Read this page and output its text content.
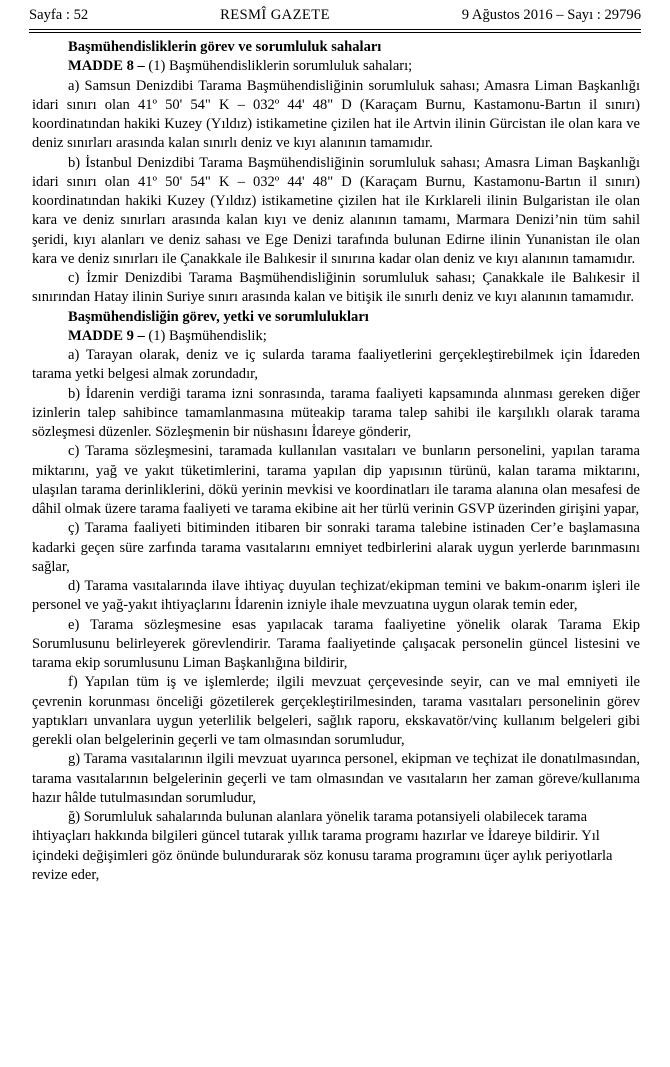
Sayfa : 52	RESMÎ GAZETE	9 Ağustos 2016 – Sayı : 29796

Başmühendisliklerin görev ve sorumluluk sahaları

MADDE 8 – (1) Başmühendisliklerin sorumluluk sahaları;

a) Samsun Denizdibi Tarama Başmühendisliğinin sorumluluk sahası; Amasra Liman Başkanlığı idari sınırı olan 41º 50' 54" K – 032º 44' 48" D (Karaçam Burnu, Kastamonu-Bartın il sınırı) koordinatından hakiki Kuzey (Yıldız) istikametine çizilen hat ile Artvin ilinin Gürcistan ile olan kara ve deniz sınırları arasında kalan sınırlı deniz ve kıyı alanının tamamıdır.

b) İstanbul Denizdibi Tarama Başmühendisliğinin sorumluluk sahası; Amasra Liman Başkanlığı idari sınırı olan 41º 50' 54" K – 032º 44' 48" D (Karaçam Burnu, Kastamonu-Bartın il sınırı) koordinatından hakiki Kuzey (Yıldız) istikametine çizilen hat ile Kırklareli ilinin Bulgaristan ile olan kara ve deniz sınırları arasında kalan kıyı ve deniz alanının tamamı, Marmara Denizi’nin tüm sahil şeridi, kıyı alanları ve deniz sahası ve Ege Denizi tarafında bulunan Edirne ilinin Yunanistan ile olan kara ve deniz sınırları ile Çanakkale ile Balıkesir il sınırına kadar olan deniz ve kıyı alanının tamamıdır.

c) İzmir Denizdibi Tarama Başmühendisliğinin sorumluluk sahası; Çanakkale ile Balıkesir il sınırından Hatay ilinin Suriye sınırı arasında kalan ve bitişik ile sınırlı deniz ve kıyı alanının tamamıdır.

Başmühendisliğin görev, yetki ve sorumlulukları

MADDE 9 – (1) Başmühendislik;

a) Tarayan olarak, deniz ve iç sularda tarama faaliyetlerini gerçekleştirebilmek için İdareden tarama yetki belgesi almak zorundadır,

b) İdarenin verdiği tarama izni sonrasında, tarama faaliyeti kapsamında alınması gereken diğer izinlerin talep sahibince tamamlanmasına müteakip tarama talep sahibi ile karşılıklı olarak tarama sözleşmesi düzenler. Sözleşmenin bir nüshasını İdareye gönderir,

c) Tarama sözleşmesini, taramada kullanılan vasıtaları ve bunların personelini, yapılan tarama miktarını, yağ ve yakıt tüketimlerini, tarama yapılan dip yapısının türünü, kalan tarama miktarını, ulaşılan tarama derinliklerini, dökü yerinin mevkisi ve koordinatları ile tarama alanına olan mesafesi de dâhil olmak üzere tarama faaliyeti ve tarama ekibine ait her türlü verinin GSVP üzerinden girişini yapar,

ç) Tarama faaliyeti bitiminden itibaren bir sonraki tarama talebine istinaden Cer’e başlamasına kadarki geçen süre zarfında tarama vasıtalarını emniyet tedbirlerini alarak uygun yerlerde barınmasını sağlar,

d) Tarama vasıtalarında ilave ihtiyaç duyulan teçhizat/ekipman temini ve bakım-onarım işleri ile personel ve yağ-yakıt ihtiyaçlarını İdarenin izniyle ihale mevzuatına uygun olarak temin eder,

e) Tarama sözleşmesine esas yapılacak tarama faaliyetine yönelik olarak Tarama Ekip Sorumlusunu belirleyerek görevlendirir. Tarama faaliyetinde çalışacak personelin güncel listesini ve tarama ekip sorumlusunu Liman Başkanlığına bildirir,

f) Yapılan tüm iş ve işlemlerde; ilgili mevzuat çerçevesinde seyir, can ve mal emniyeti ile çevrenin korunması önceliği gözetilerek gerçekleştirilmesinden, tarama vasıtaları personelinin görev yaptıkları unvanlara uygun yeterlilik belgeleri, sağlık raporu, ekskavatör/vinç kullanım belgeleri gibi gerekli olan belgelerinin geçerli ve tam olmasından sorumludur,

g) Tarama vasıtalarının ilgili mevzuat uyarınca personel, ekipman ve teçhizat ile donatılmasından, tarama vasıtalarının belgelerinin geçerli ve tam olmasından ve vasıtaların her zaman göreve/kullanıma hazır hâlde tutulmasından sorumludur,

ğ) Sorumluluk sahalarında bulunan alanlara yönelik tarama potansiyeli olabilecek tarama ihtiyaçları hakkında bilgileri güncel tutarak yıllık tarama programı hazırlar ve İdareye bildirir. Yıl içindeki değişimleri göz önünde bulundurarak söz konusu tarama programını üçer aylık periyotlarla revize eder,
